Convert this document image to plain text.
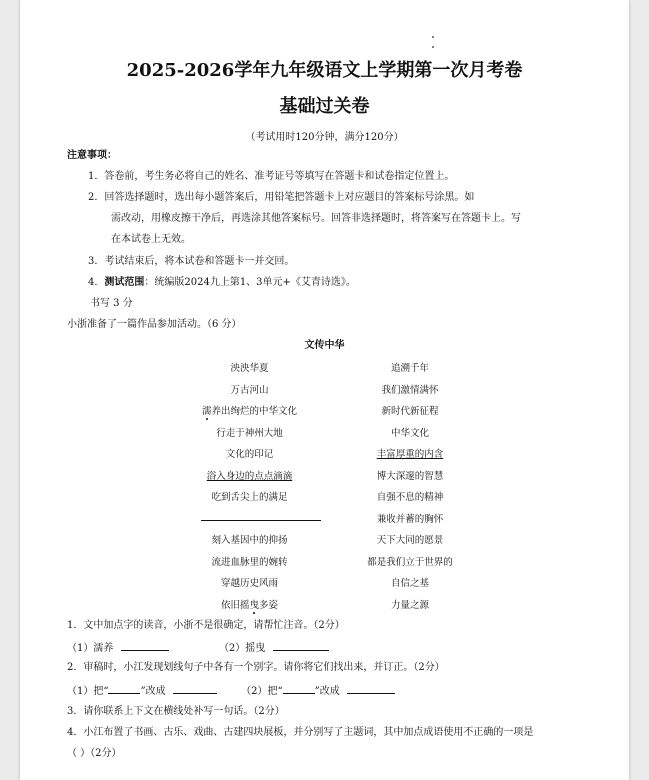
2025-2026学年九年级语文上学期第一次月考卷
基础过关卷
（考试用时120分钟，满分120分）
注意事项：
1．答卷前，考生务必将自己的姓名、准考证号等填写在答题卡和试卷指定位置上。
2．回答选择题时，选出每小题答案后，用铅笔把答题卡上对应题目的答案标号涂黑。如
需改动，用橡皮擦干净后，再选涂其他答案标号。回答非选择题时，将答案写在答题卡上。写
在本试卷上无效。
3．考试结束后，将本试卷和答题卡一并交回。
4．测试范围：统编版2024九上第1、3单元+《艾青诗选》。
书写 3 分
小浙准备了一篇作品参加活动。（6 分）
文传中华
泱泱华夏
万古河山
濡养出绚烂的中华文化
行走于神州大地
文化的印记
浴入身边的点点滴滴
吃到舌尖上的满足
刻入基因中的抑扬
流进血脉里的婉转
穿越历史风雨
依旧摇曳多姿
追溯千年
我们激情满怀
新时代新征程
中华文化
丰富厚重的内含
博大深邃的智慧
自强不息的精神
兼收并蓄的胸怀
天下大同的愿景
都是我们立于世界的
自信之基
力量之源
1．文中加点字的读音，小浙不是很确定，请帮忙注音。（2分）
（1）濡养	（2）摇曳
2．审稿时，小江发现划线句子中各有一个别字。请你将它们找出来，并订正。（2分）
（1）把“	”改成	（2）把“	”改成
3．请你联系上下文在横线处补写一句话。（2分）
4．小江布置了书画、古乐、戏曲、古建四块展板，并分别写了主题词，其中加点成语使用不正确的一项是
（ ）（2分）
